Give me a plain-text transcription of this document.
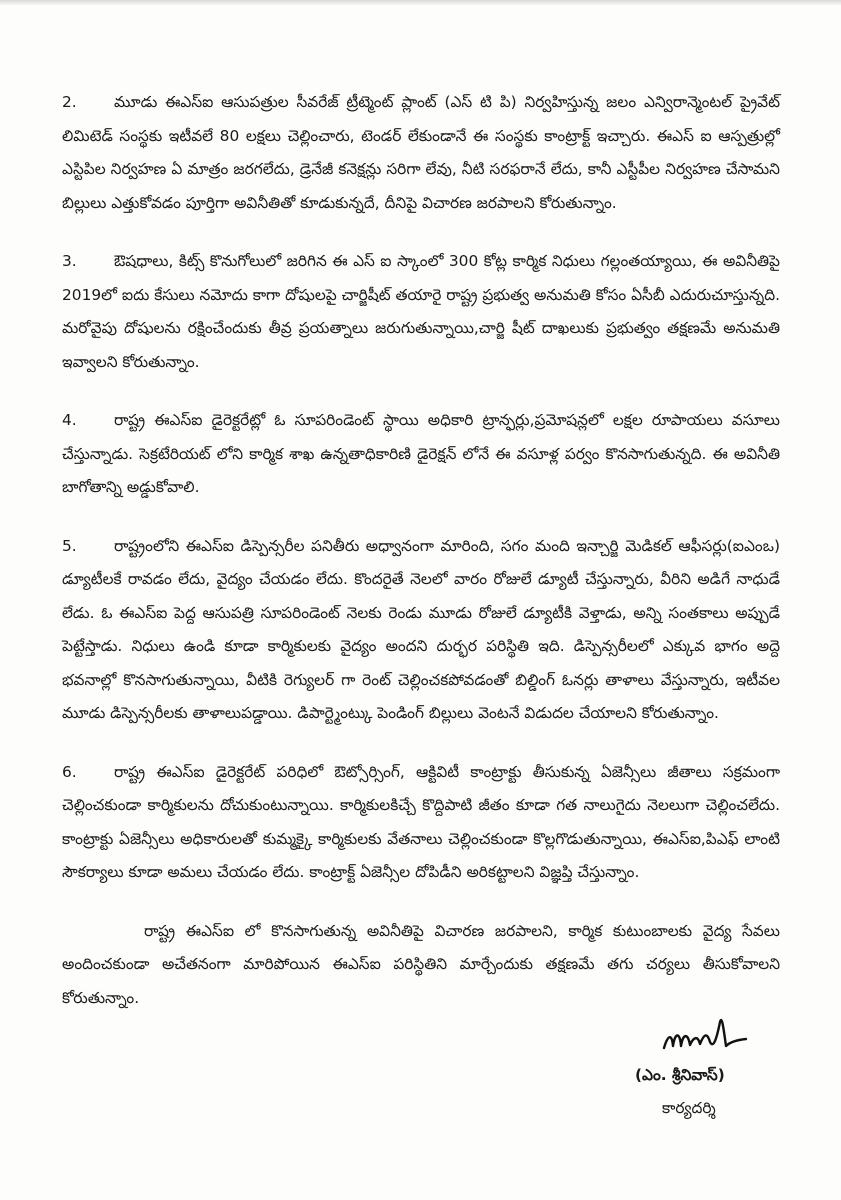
2. మూడు ఈఎస్ఐ ఆసుపత్రుల సీవరేజ్ ట్రీట్మెంట్ ప్లాంట్ (ఎస్ టి పి) నిర్వహిస్తున్న జలం ఎన్విరాన్మెంటల్ ప్రైవేట్ లిమిటెడ్ సంస్థకు ఇటీవలే 80 లక్షలు చెల్లించారు, టెండర్ లేకుండానే ఈ సంస్థకు కాంట్రాక్ట్ ఇచ్చారు. ఈఎస్ ఐ ఆస్పత్రుల్లో ఎస్టిపిల నిర్వహణ ఏ మాత్రం జరగలేదు, డ్రెనేజీ కనెక్షన్లు సరిగా లేవు, నీటి సరఫరానే లేదు, కానీ ఎస్టీపీల నిర్వహణ చేసామని బిల్లులు ఎత్తుకోవడం పూర్తిగా అవినీతితో కూడుకున్నదే, దీనిపై విచారణ జరపాలని కోరుతున్నాం.

3. ఔషధాలు, కిట్స్ కొనుగోలులో జరిగిన ఈ ఎస్ ఐ స్కాంలో 300 కోట్ల కార్మిక నిధులు గల్లంతయ్యాయి, ఈ అవినీతిపై 2019లో ఐదు కేసులు నమోదు కాగా దోషులపై చార్జిషీట్ తయారై రాష్ట్ర ప్రభుత్వ అనుమతి కోసం ఏసీబీ ఎదురుచూస్తున్నది. మరోవైపు దోషులను రక్షించేందుకు తీవ్ర ప్రయత్నాలు జరుగుతున్నాయి,చార్జి షీట్ దాఖలుకు ప్రభుత్వం తక్షణమే అనుమతి ఇవ్వాలని కోరుతున్నాం.

4. రాష్ట్ర ఈఎస్ఐ డైరెక్టరేట్లో ఓ సూపరిండెంట్ స్థాయి అధికారి ట్రాన్ఫర్లు,ప్రమోషన్లలో లక్షల రూపాయలు వసూలు చేస్తున్నాడు. సెక్రటేరియట్ లోని కార్మిక శాఖ ఉన్నతాధికారిణి డైరెక్షన్ లోనే ఈ వసూళ్ల పర్వం కొనసాగుతున్నది. ఈ అవినీతి బాగోతాన్ని అడ్డుకోవాలి.

5. రాష్ట్రంలోని ఈఎస్ఐ డిస్పెన్సరీల పనితీరు అధ్వానంగా మారింది, సగం మంది ఇన్చార్జి మెడికల్ ఆఫీసర్లు(ఐఎంఒ) డ్యూటీలకే రావడం లేదు, వైద్యం చేయడం లేదు. కొందరైతే నెలలో వారం రోజులే డ్యూటీ చేస్తున్నారు, వీరిని అడిగే నాధుడే లేడు. ఓ ఈఎస్ఐ పెద్ద ఆసుపత్రి సూపరిండెంట్ నెలకు రెండు మూడు రోజులే డ్యూటీకి వెళ్తాడు, అన్ని సంతకాలు అప్పుడే పెట్టేస్తాడు. నిధులు ఉండి కూడా కార్మికులకు వైద్యం అందని దుర్భర పరిస్థితి ఇది. డిస్పెన్సరీలలో ఎక్కువ భాగం అద్దె భవనాల్లో కొనసాగుతున్నాయి, వీటికి రెగ్యులర్ గా రెంట్ చెల్లించకపోవడంతో బిల్డింగ్ ఓనర్లు తాళాలు వేస్తున్నారు, ఇటీవల మూడు డిస్పెన్సరీలకు తాళాలుపడ్డాయి. డిపార్ట్మెంట్కు పెండింగ్ బిల్లులు వెంటనే విడుదల చేయాలని కోరుతున్నాం.

6. రాష్ట్ర ఈఎస్ఐ డైరెక్టరేట్ పరిధిలో ఔట్సోర్సింగ్, ఆక్టివిటీ కాంట్రాక్టు తీసుకున్న ఏజెన్సీలు జీతాలు సక్రమంగా చెల్లించకుండా కార్మికులను దోచుకుంటున్నాయి. కార్మికులకిచ్చే కొద్దిపాటి జీతం కూడా గత నాలుగైదు నెలలుగా చెల్లించలేదు. కాంట్రాక్టు ఏజెన్సీలు అధికారులతో కుమ్మక్కై కార్మికులకు వేతనాలు చెల్లించకుండా కొల్లగొడుతున్నాయి, ఈఎస్ఐ,పిఎఫ్ లాంటి సౌకర్యాలు కూడా అమలు చేయడం లేదు. కాంట్రాక్ట్ ఏజెన్సీల దోపిడీని అరికట్టాలని విజ్ఞప్తి చేస్తున్నాం.

రాష్ట్ర ఈఎస్ఐ లో కొనసాగుతున్న అవినీతిపై విచారణ జరపాలని, కార్మిక కుటుంబాలకు వైద్య సేవలు అందించకుండా అచేతనంగా మారిపోయిన ఈఎస్ఐ పరిస్థితిని మార్చేందుకు తక్షణమే తగు చర్యలు తీసుకోవాలని కోరుతున్నాం.

(ఎం. శ్రీనివాస్)
కార్యదర్శి
